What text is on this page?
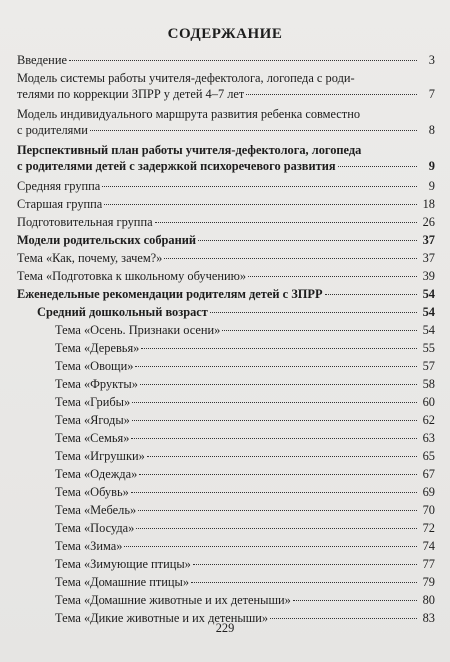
СОДЕРЖАНИЕ
Введение	3
Модель системы работы учителя-дефектолога, логопеда с роди-
телями по коррекции ЗПРР у детей 4–7 лет	7
Модель индивидуального маршрута развития ребенка совместно
с родителями	8
Перспективный план работы учителя-дефектолога, логопеда
с родителями детей с задержкой психоречевого развития	9
Средняя группа	9
Старшая группа	18
Подготовительная группа	26
Модели родительских собраний	37
Тема «Как, почему, зачем?»	37
Тема «Подготовка к школьному обучению»	39
Еженедельные рекомендации родителям детей с ЗПРР	54
Средний дошкольный возраст	54
Тема «Осень. Признаки осени»	54
Тема «Деревья»	55
Тема «Овощи»	57
Тема «Фрукты»	58
Тема «Грибы»	60
Тема «Ягоды»	62
Тема «Семья»	63
Тема «Игрушки»	65
Тема «Одежда»	67
Тема «Обувь»	69
Тема «Мебель»	70
Тема «Посуда»	72
Тема «Зима»	74
Тема «Зимующие птицы»	77
Тема «Домашние птицы»	79
Тема «Домашние животные и их детеныши»	80
Тема «Дикие животные и их детеныши»	83
229
